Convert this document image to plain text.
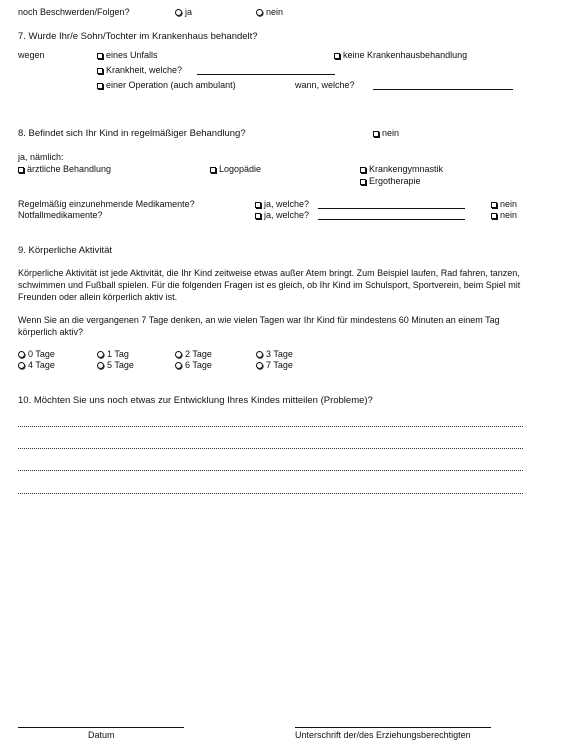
noch Beschwerden/Folgen?	ja	nein
7. Wurde Ihr/e Sohn/Tochter im Krankenhaus behandelt?
wegen	eines Unfalls	keine Krankenhausbehandlung
Krankheit, welche?
einer Operation (auch ambulant)	wann, welche?
8. Befindet sich Ihr Kind in regelmäßiger Behandlung?	nein
ja, nämlich:
ärztliche Behandlung	Logopädie	Krankengymnastik
Ergotherapie
Regelmäßig einzunehmende Medikamente?	ja, welche?	nein
Notfallmedikamente?	ja, welche?	nein
9. Körperliche Aktivität
Körperliche Aktivität ist jede Aktivität, die Ihr Kind zeitweise etwas außer Atem bringt. Zum Beispiel laufen, Rad fahren, tanzen, schwimmen und Fußball spielen. Für die folgenden Fragen ist es gleich, ob Ihr Kind im Schulsport, Sportverein, beim Spiel mit Freunden oder allein körperlich aktiv ist.
Wenn Sie an die vergangenen 7 Tage denken, an wie vielen Tagen war Ihr Kind für mindestens 60 Minuten an einem Tag körperlich aktiv?
0 Tage	1 Tag	2 Tage	3 Tage
4 Tage	5 Tage	6 Tage	7 Tage
10. Möchten Sie uns noch etwas zur Entwicklung Ihres Kindes mitteilen (Probleme)?
Datum	Unterschrift der/des Erziehungsberechtigten
